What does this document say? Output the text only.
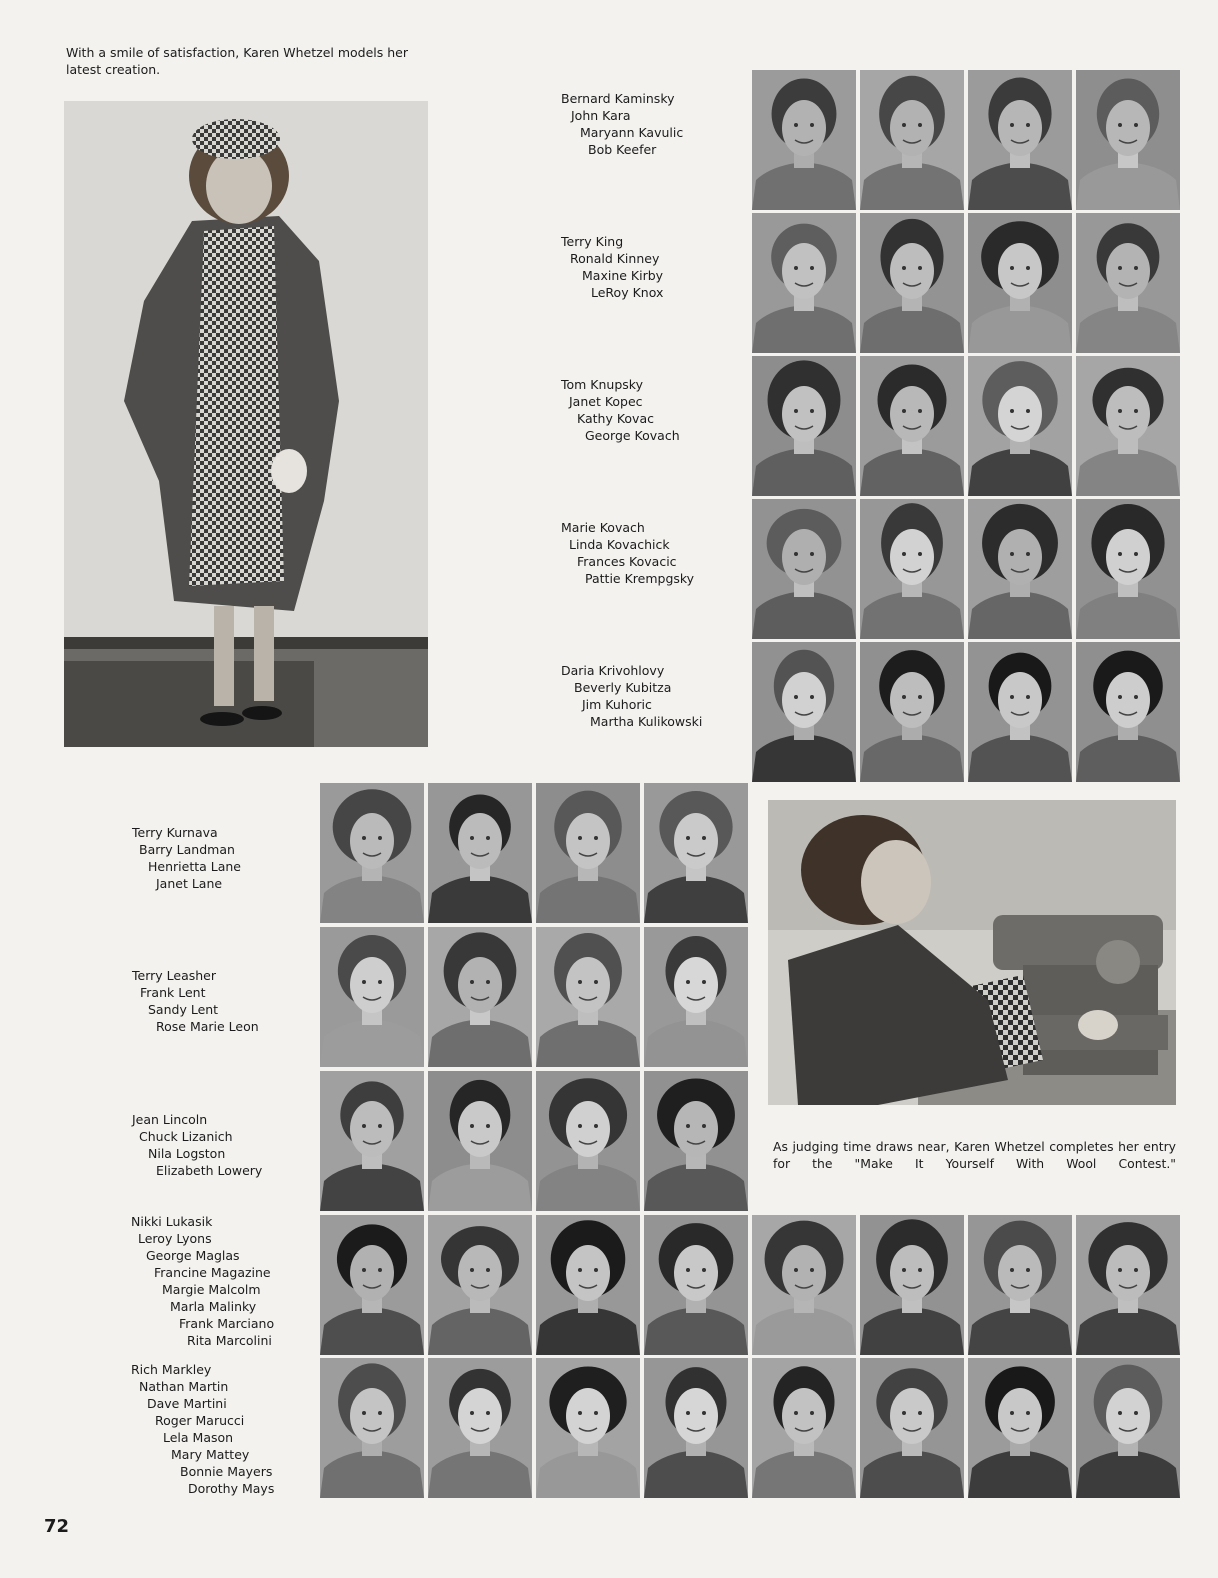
With a smile of satisfaction, Karen Whetzel models her latest creation.
Bernard Kaminsky
John Kara
Maryann Kavulic
Bob Keefer
Terry King
Ronald Kinney
Maxine Kirby
LeRoy Knox
Tom Knupsky
Janet Kopec
Kathy Kovac
George Kovach
Marie Kovach
Linda Kovachick
Frances Kovacic
Pattie Krempgsky
Daria Krivohlovy
Beverly Kubitza
Jim Kuhoric
Martha Kulikowski
Terry Kurnava
Barry Landman
Henrietta Lane
Janet Lane
Terry Leasher
Frank Lent
Sandy Lent
Rose Marie Leon
Jean Lincoln
Chuck Lizanich
Nila Logston
Elizabeth Lowery
Nikki Lukasik
Leroy Lyons
George Maglas
Francine Magazine
Margie Malcolm
Marla Malinky
Frank Marciano
Rita Marcolini
Rich Markley
Nathan Martin
Dave Martini
Roger Marucci
Lela Mason
Mary Mattey
Bonnie Mayers
Dorothy Mays
As judging time draws near, Karen Whetzel completes her entry for the "Make It Yourself With Wool Contest."
72
